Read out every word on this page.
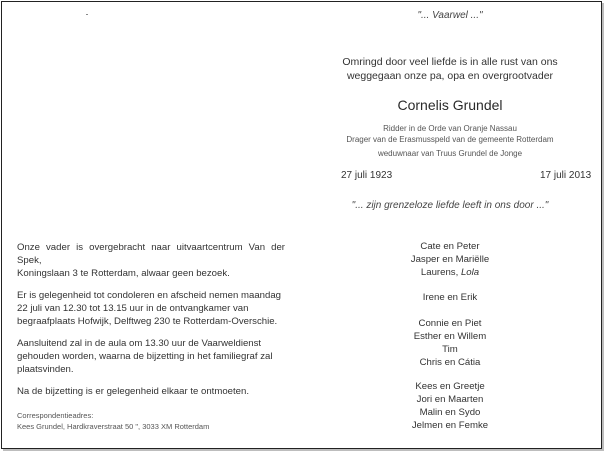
"... Vaarwel ..."
Omringd door veel liefde is in alle rust van ons
weggegaan onze pa, opa en overgrootvader
Cornelis Grundel
Ridder in de Orde van Oranje Nassau
Drager van de Erasmusspeld van de gemeente Rotterdam
weduwnaar van Truus Grundel de Jonge
27 juli 1923	17 juli 2013
"... zijn grenzeloze liefde leeft in ons door ..."

Onze vader is overgebracht naar uitvaartcentrum Van der Spek,
Koningslaan 3 te Rotterdam, alwaar geen bezoek.

Er is gelegenheid tot condoleren en afscheid nemen maandag
22 juli van 12.30 tot 13.15 uur in de ontvangkamer van
begraafplaats Hofwijk, Delftweg 230 te Rotterdam-Overschie.

Aansluitend zal in de aula om 13.30 uur de Vaarweldienst
gehouden worden, waarna de bijzetting in het familiegraf zal
plaatsvinden.

Na de bijzetting is er gelegenheid elkaar te ontmoeten.

Correspondentieadres:
Kees Grundel, Hardkraverstraat 50 ", 3033 XM Rotterdam
Cate en Peter
Jasper en Mariëlle
Laurens, Lola
Irene en Erik
Connie en Piet
Esther en Willem
Tim
Chris en Cátia
Kees en Greetje
Jori en Maarten
Malin en Sydo
Jelmen en Femke
